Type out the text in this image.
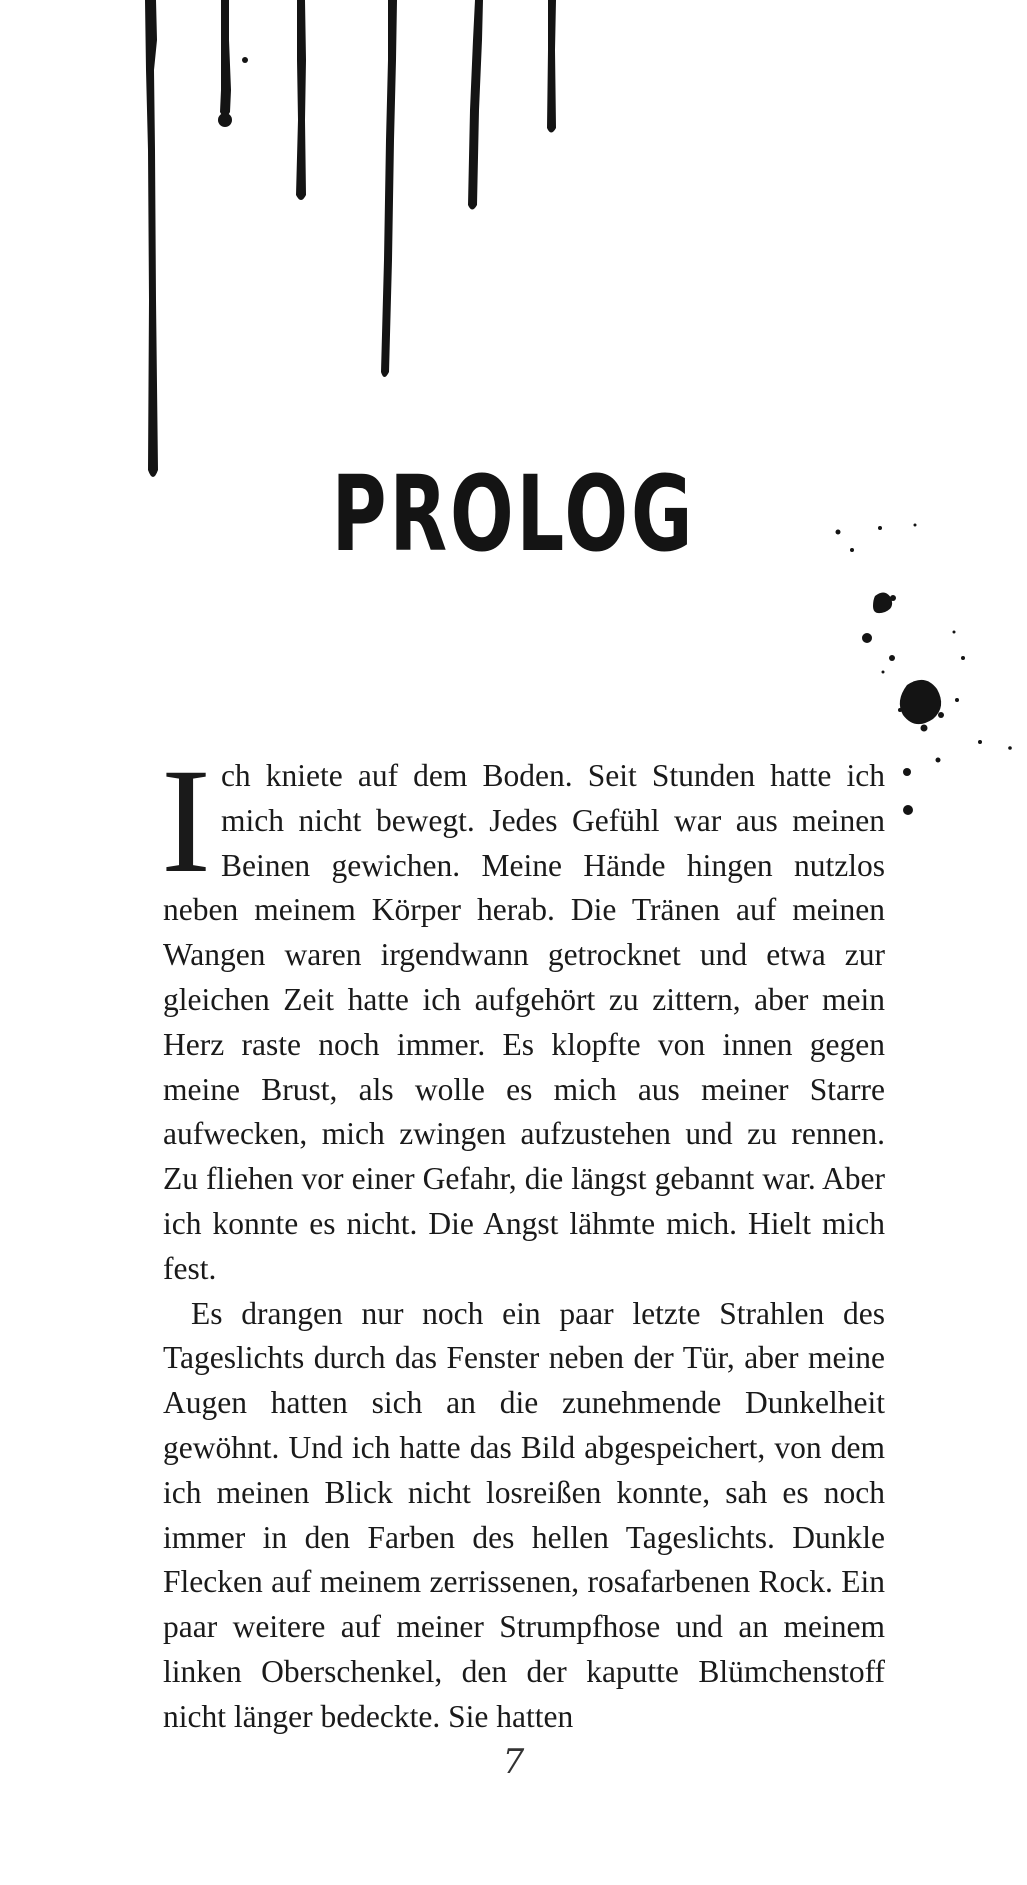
PROLOG

Ich kniete auf dem Boden. Seit Stunden hatte ich mich nicht bewegt. Jedes Gefühl war aus meinen Beinen gewichen. Meine Hände hingen nutzlos neben meinem Körper herab. Die Tränen auf meinen Wangen waren irgendwann getrocknet und etwa zur gleichen Zeit hatte ich aufgehört zu zittern, aber mein Herz raste noch immer. Es klopfte von innen gegen meine Brust, als wolle es mich aus meiner Starre aufwecken, mich zwingen aufzustehen und zu rennen. Zu fliehen vor einer Gefahr, die längst gebannt war. Aber ich konnte es nicht. Die Angst lähmte mich. Hielt mich fest.

Es drangen nur noch ein paar letzte Strahlen des Tageslichts durch das Fenster neben der Tür, aber meine Augen hatten sich an die zunehmende Dunkelheit gewöhnt. Und ich hatte das Bild abgespeichert, von dem ich meinen Blick nicht losreißen konnte, sah es noch immer in den Farben des hellen Tageslichts. Dunkle Flecken auf meinem zerrissenen, rosafarbenen Rock. Ein paar weitere auf meiner Strumpfhose und an meinem linken Oberschenkel, den der kaputte Blümchenstoff nicht länger bedeckte. Sie hatten

7
